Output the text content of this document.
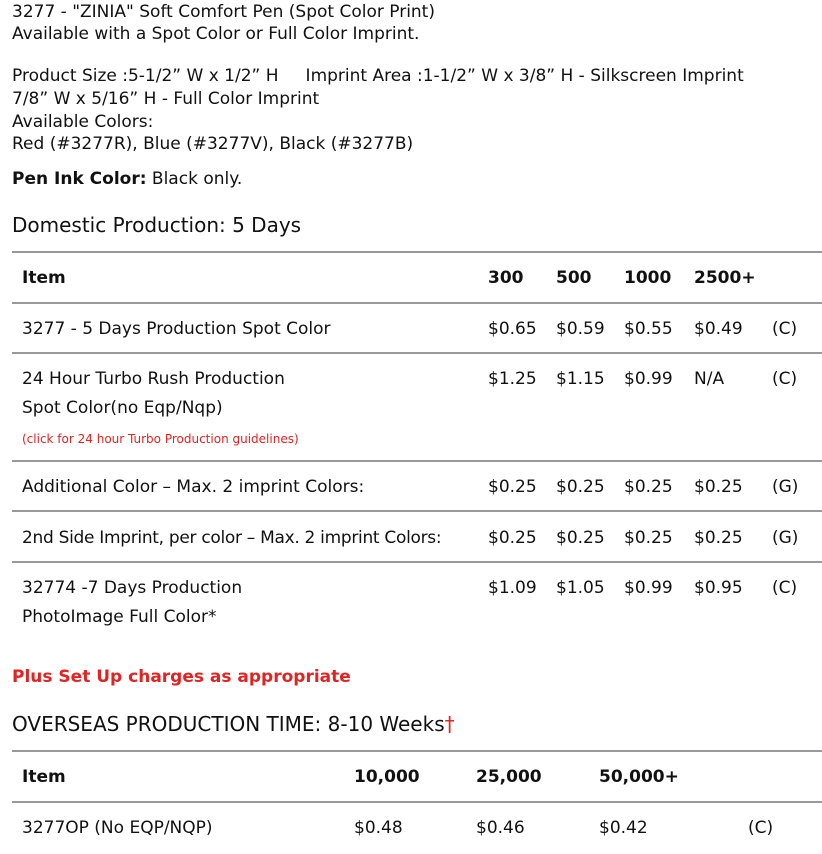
3277 - "ZINIA" Soft Comfort Pen (Spot Color Print)
Available with a Spot Color or Full Color Imprint.
Product Size :5-1/2” W x 1/2” H     Imprint Area :1-1/2” W x 3/8” H - Silkscreen Imprint
7/8” W x 5/16” H - Full Color Imprint
Available Colors:
Red (#3277R), Blue (#3277V), Black (#3277B)
Pen Ink Color: Black only.
Domestic Production: 5 Days
Item	300 500 1000 2500+
3277 - 5 Days Production Spot Color	$0.65 $0.59 $0.55 $0.49 (C)
24 Hour Turbo Rush Production
Spot Color(no Eqp/Nqp)
(click for 24 hour Turbo Production guidelines)
$1.25 $1.15 $0.99 N/A	(C)
Additional Color – Max. 2 imprint Colors:	$0.25 $0.25 $0.25 $0.25 (G)
2nd Side Imprint, per color – Max. 2 imprint Colors:	$0.25 $0.25 $0.25 $0.25 (G)
32774 -7 Days Production
PhotoImage Full Color*
$1.09 $1.05 $0.99 $0.95 (C)
Plus Set Up charges as appropriate
OVERSEAS PRODUCTION TIME: 8-10 Weeks†
Item	10,000	25,000	50,000+
3277OP (No EQP/NQP)	$0.48	$0.46	$0.42	(C)
